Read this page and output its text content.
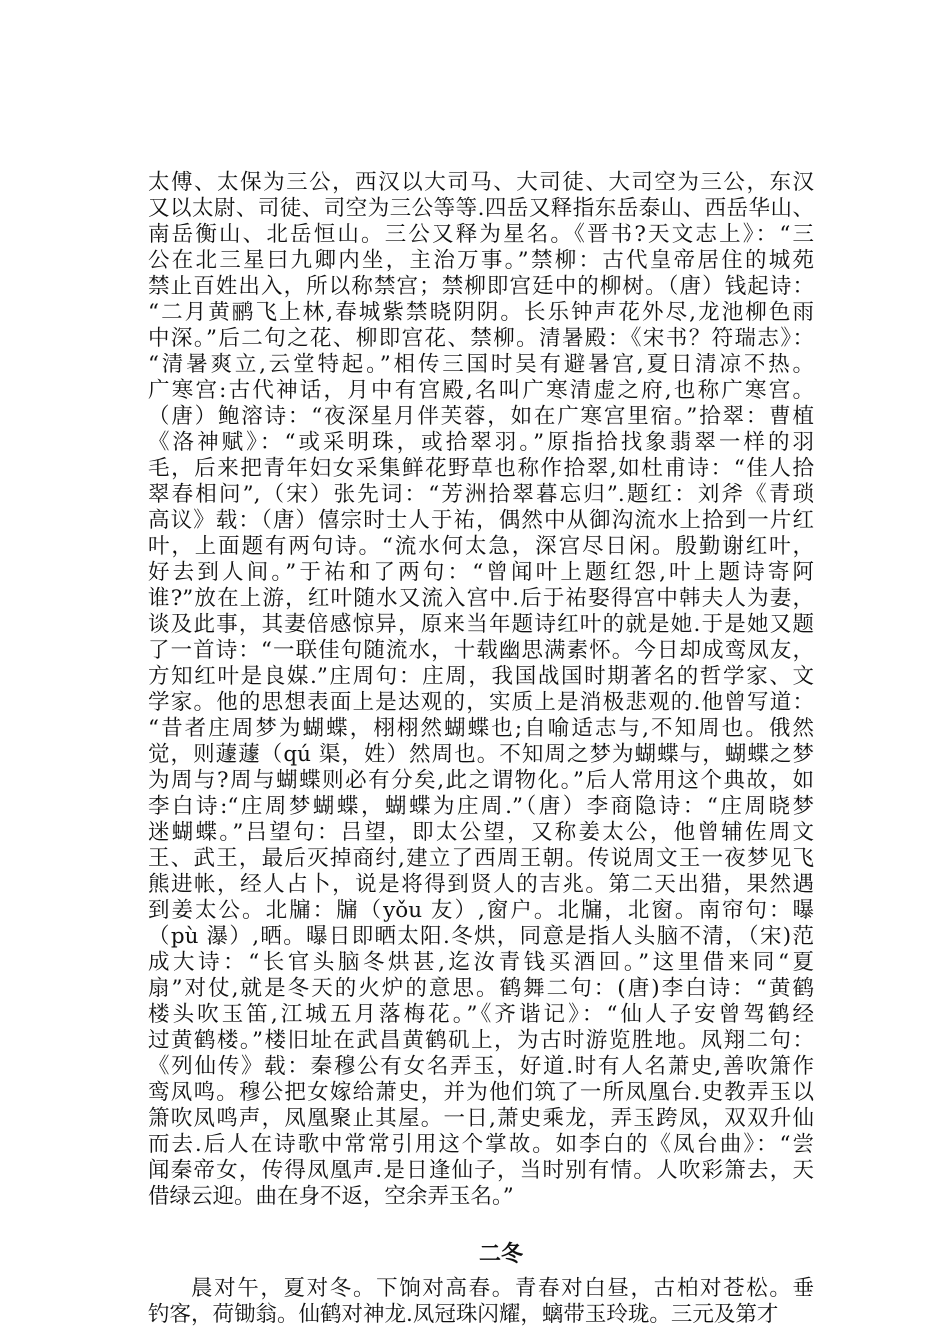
太傅、太保为三公，西汉以大司马、大司徒、大司空为三公，东汉
又以太尉、司徒、司空为三公等等.四岳又释指东岳泰山、西岳华山、
南岳衡山、北岳恒山。三公又释为星名。《晋书?天文志上》：“三
公在北三星曰九卿内坐，主治万事。”禁柳：古代皇帝居住的城苑
禁止百姓出入，所以称禁宫；禁柳即宫廷中的柳树。（唐）钱起诗：
“二月黄鹂飞上林,春城紫禁晓阴阴。长乐钟声花外尽,龙池柳色雨
中深。”后二句之花、柳即宫花、禁柳。清暑殿：《宋书？符瑞志》：
“清暑爽立,云堂特起。”相传三国时吴有避暑宫,夏日清凉不热。
广寒宫:古代神话，月中有宫殿,名叫广寒清虚之府,也称广寒宫。
（唐）鲍溶诗：“夜深星月伴芙蓉，如在广寒宫里宿。”拾翠：曹植
《洛神赋》：“或采明珠，或拾翠羽。”原指拾找象翡翠一样的羽
毛，后来把青年妇女采集鲜花野草也称作拾翠,如杜甫诗：“佳人拾
翠春相问”,（宋）张先词：“芳洲拾翠暮忘归”.题红：刘斧《青琐
高议》载：（唐）僖宗时士人于祐，偶然中从御沟流水上拾到一片红
叶，上面题有两句诗。“流水何太急，深宫尽日闲。殷勤谢红叶，
好去到人间。”于祐和了两句：“曾闻叶上题红怨,叶上题诗寄阿
谁?”放在上游，红叶随水又流入宫中.后于祐娶得宫中韩夫人为妻，
谈及此事，其妻倍感惊异，原来当年题诗红叶的就是她.于是她又题
了一首诗：“一联佳句随流水，十载幽思满素怀。今日却成鸾凤友，
方知红叶是良媒.”庄周句：庄周，我国战国时期著名的哲学家、文
学家。他的思想表面上是达观的，实质上是消极悲观的.他曾写道：
“昔者庄周梦为蝴蝶，栩栩然蝴蝶也;自喻适志与,不知周也。俄然
觉，则蘧蘧（qú 渠，姓）然周也。不知周之梦为蝴蝶与，蝴蝶之梦
为周与?周与蝴蝶则必有分矣,此之谓物化。”后人常用这个典故，如
李白诗:“庄周梦蝴蝶，蝴蝶为庄周.”（唐）李商隐诗：“庄周晓梦
迷蝴蝶。”吕望句：吕望，即太公望，又称姜太公，他曾辅佐周文
王、武王，最后灭掉商纣,建立了西周王朝。传说周文王一夜梦见飞
熊进帐，经人占卜，说是将得到贤人的吉兆。第二天出猎，果然遇
到姜太公。北牖：牖（yǒu 友）,窗户。北牖，北窗。南帘句：曝
（pù 瀑）,晒。曝日即晒太阳.冬烘，同意是指人头脑不清，（宋)范
成大诗：“长官头脑冬烘甚,迄汝青钱买酒回。”这里借来同“夏
扇”对仗,就是冬天的火炉的意思。鹤舞二句：(唐)李白诗：“黄鹤
楼头吹玉笛,江城五月落梅花。”《齐谐记》：“仙人子安曾驾鹤经
过黄鹤楼。”楼旧址在武昌黄鹤矶上，为古时游览胜地。凤翔二句：
《列仙传》载：秦穆公有女名弄玉，好道.时有人名萧史,善吹箫作
鸾凤鸣。穆公把女嫁给萧史，并为他们筑了一所凤凰台.史教弄玉以
箫吹凤鸣声，凤凰聚止其屋。一日,萧史乘龙，弄玉跨凤，双双升仙
而去.后人在诗歌中常常引用这个掌故。如李白的《凤台曲》：“尝
闻秦帝女，传得凤凰声.是日逢仙子，当时别有情。人吹彩箫去，天
借绿云迎。曲在身不返，空余弄玉名。”
二冬
晨对午，夏对冬。下饷对高春。青春对白昼，古柏对苍松。垂
钓客，荷锄翁。仙鹤对神龙.凤冠珠闪耀，螭带玉玲珑。三元及第才
